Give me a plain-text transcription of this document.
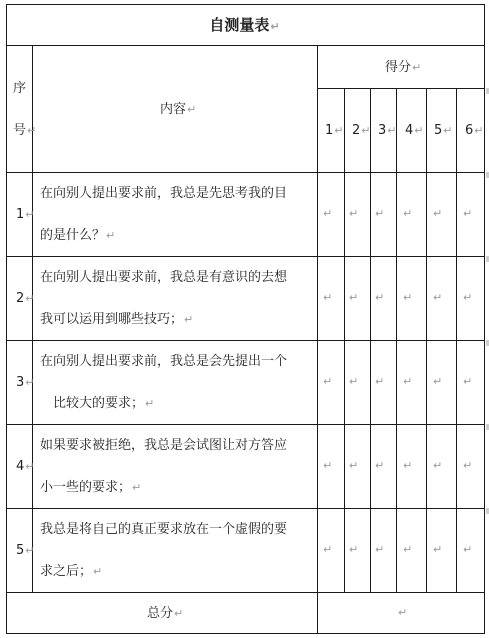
自测量表↵
序
号↵
内容↵
得分↵
1↵ 2↵ 3↵ 4↵ 5↵ 6↵
1↵
在向别人提出要求前，我总是先思考我的目
的是什么？↵
2↵
在向别人提出要求前，我总是有意识的去想
我可以运用到哪些技巧；↵
3↵
在向别人提出要求前，我总是会先提出一个
比较大的要求；↵
4↵
如果要求被拒绝，我总是会试图让对方答应
小一些的要求；↵
5↵
我总是将自己的真正要求放在一个虚假的要
求之后；↵
总分↵	↵
↵ ↵ ↵ ↵ ↵ ↵
↵ ↵ ↵ ↵ ↵ ↵
↵ ↵ ↵ ↵ ↵ ↵
↵ ↵ ↵ ↵ ↵ ↵
↵ ↵ ↵ ↵ ↵ ↵
